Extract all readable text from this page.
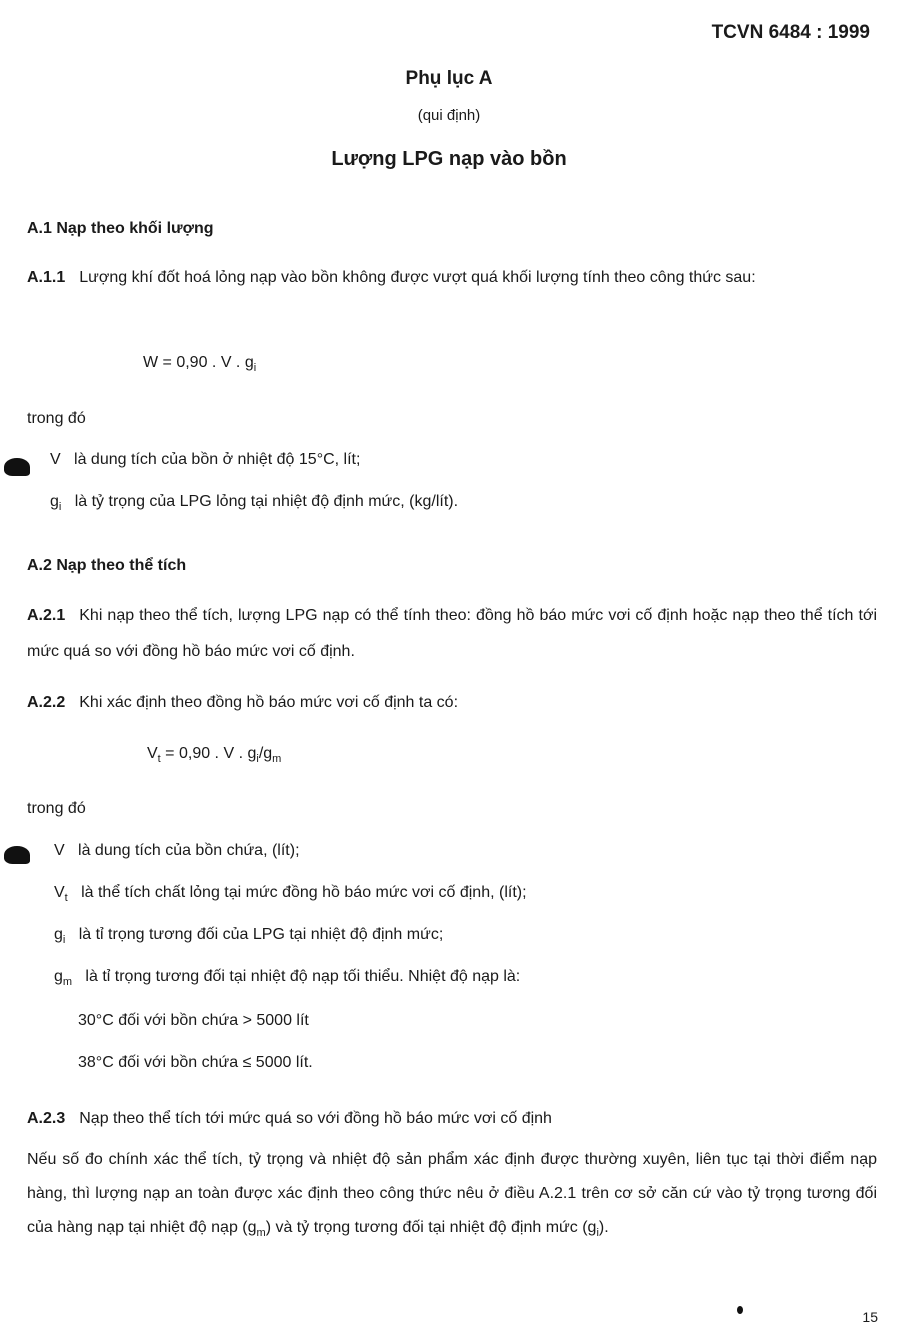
TCVN 6484 : 1999
Phụ lục A
(qui định)
Lượng LPG nạp vào bồn
A.1 Nạp theo khối lượng
A.1.1 Lượng khí đốt hoá lỏng nạp vào bồn không được vượt quá khối lượng tính theo công thức sau:
W = 0,90 . V . $g_i$
trong đó
V là dung tích của bồn ở nhiệt độ 15°C, lít;
$g_i$ là tỷ trọng của LPG lỏng tại nhiệt độ định mức, (kg/lít).
A.2 Nạp theo thể tích
A.2.1 Khi nạp theo thể tích, lượng LPG nạp có thể tính theo: đồng hồ báo mức vơi cố định hoặc nạp theo thể tích tới mức quá so với đồng hồ báo mức vơi cố định.
A.2.2 Khi xác định theo đồng hồ báo mức vơi cố định ta có:
$V_t = 0,90$ . V . $g_i/g_m$
trong đó
V là dung tích của bồn chứa, (lít);
$V_t$ là thể tích chất lỏng tại mức đồng hồ báo mức vơi cố định, (lít);
$g_i$ là tỉ trọng tương đối của LPG tại nhiệt độ định mức;
$g_m$ là tỉ trọng tương đối tại nhiệt độ nạp tối thiểu. Nhiệt độ nạp là:
30°C đối với bồn chứa > 5000 lít
38°C đối với bồn chứa ≤ 5000 lít.
A.2.3 Nạp theo thể tích tới mức quá so với đồng hồ báo mức vơi cố định
Nếu số đo chính xác thể tích, tỷ trọng và nhiệt độ sản phẩm xác định được thường xuyên, liên tục tại thời điểm nạp hàng, thì lượng nạp an toàn được xác định theo công thức nêu ở điều A.2.1 trên cơ sở căn cứ vào tỷ trọng tương đối của hàng nạp tại nhiệt độ nạp $(g_m)$ và tỷ trọng tương đối tại nhiệt độ định mức $(g_i)$.
15
